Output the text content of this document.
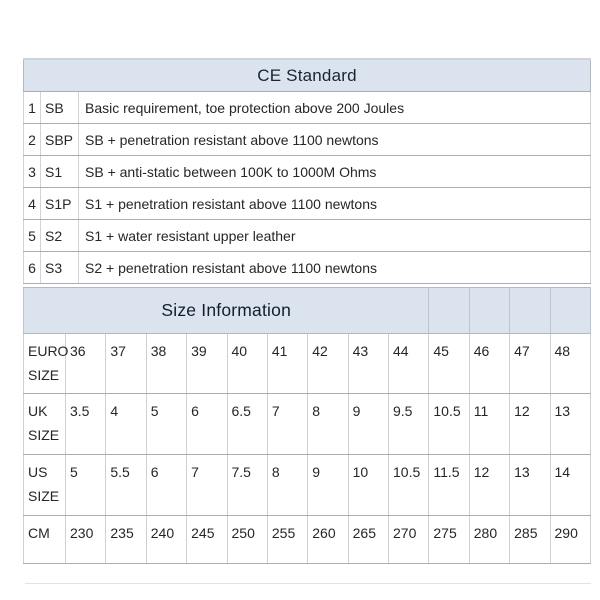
CE Standard		
1	SB	Basic requirement, toe protection above 200 Joules
2	SBP	SB + penetration resistant above 1100 newtons
3	S1	SB + anti-static between 100K to 1000M Ohms
4	S1P	S1 + penetration resistant above 1100 newtons
5	S2	S1 + water resistant upper leather
6	S3	S2 + penetration resistant above 1100 newtons
Size Information													
EURO SIZE	36	37	38	39	40	41	42	43	44	45	46	47	48
UK SIZE	3.5	4	5	6	6.5	7	8	9	9.5	10.5	11	12	13
US SIZE	5	5.5	6	7	7.5	8	9	10	10.5	11.5	12	13	14
CM	230	235	240	245	250	255	260	265	270	275	280	285	290
